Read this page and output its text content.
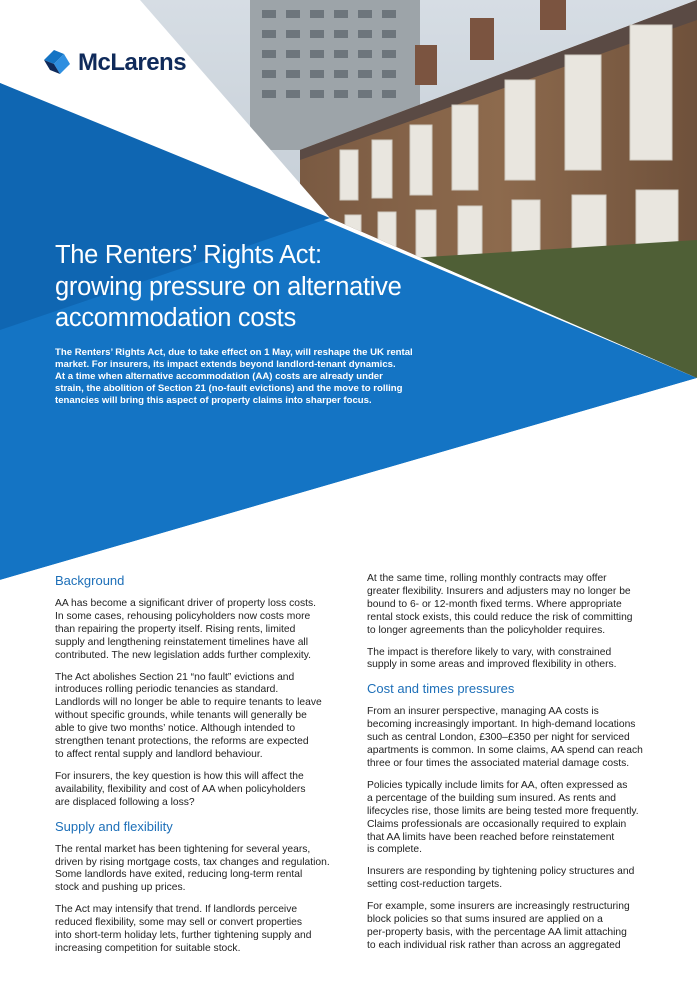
McLarens
The Renters’ Rights Act:
growing pressure on alternative
accommodation costs
The Renters’ Rights Act, due to take effect on 1 May, will reshape the UK rental
market. For insurers, its impact extends beyond landlord-tenant dynamics.
At a time when alternative accommodation (AA) costs are already under
strain, the abolition of Section 21 (no-fault evictions) and the move to rolling
tenancies will bring this aspect of property claims into sharper focus.
Background

AA has become a significant driver of property loss costs.
In some cases, rehousing policyholders now costs more
than repairing the property itself. Rising rents, limited
supply and lengthening reinstatement timelines have all
contributed. The new legislation adds further complexity.

The Act abolishes Section 21 “no fault” evictions and
introduces rolling periodic tenancies as standard.
Landlords will no longer be able to require tenants to leave
without specific grounds, while tenants will generally be
able to give two months’ notice. Although intended to
strengthen tenant protections, the reforms are expected
to affect rental supply and landlord behaviour.

For insurers, the key question is how this will affect the
availability, flexibility and cost of AA when policyholders
are displaced following a loss?

Supply and flexibility

The rental market has been tightening for several years,
driven by rising mortgage costs, tax changes and regulation.
Some landlords have exited, reducing long-term rental
stock and pushing up prices.

The Act may intensify that trend. If landlords perceive
reduced flexibility, some may sell or convert properties
into short-term holiday lets, further tightening supply and
increasing competition for suitable stock.

At the same time, rolling monthly contracts may offer
greater flexibility. Insurers and adjusters may no longer be
bound to 6- or 12-month fixed terms. Where appropriate
rental stock exists, this could reduce the risk of committing
to longer agreements than the policyholder requires.

The impact is therefore likely to vary, with constrained
supply in some areas and improved flexibility in others.

Cost and times pressures

From an insurer perspective, managing AA costs is
becoming increasingly important. In high-demand locations
such as central London, £300–£350 per night for serviced
apartments is common. In some claims, AA spend can reach
three or four times the associated material damage costs.

Policies typically include limits for AA, often expressed as
a percentage of the building sum insured. As rents and
lifecycles rise, those limits are being tested more frequently.
Claims professionals are occasionally required to explain
that AA limits have been reached before reinstatement
is complete.

Insurers are responding by tightening policy structures and
setting cost-reduction targets.

For example, some insurers are increasingly restructuring
block policies so that sums insured are applied on a
per-property basis, with the percentage AA limit attaching
to each individual risk rather than across an aggregated
